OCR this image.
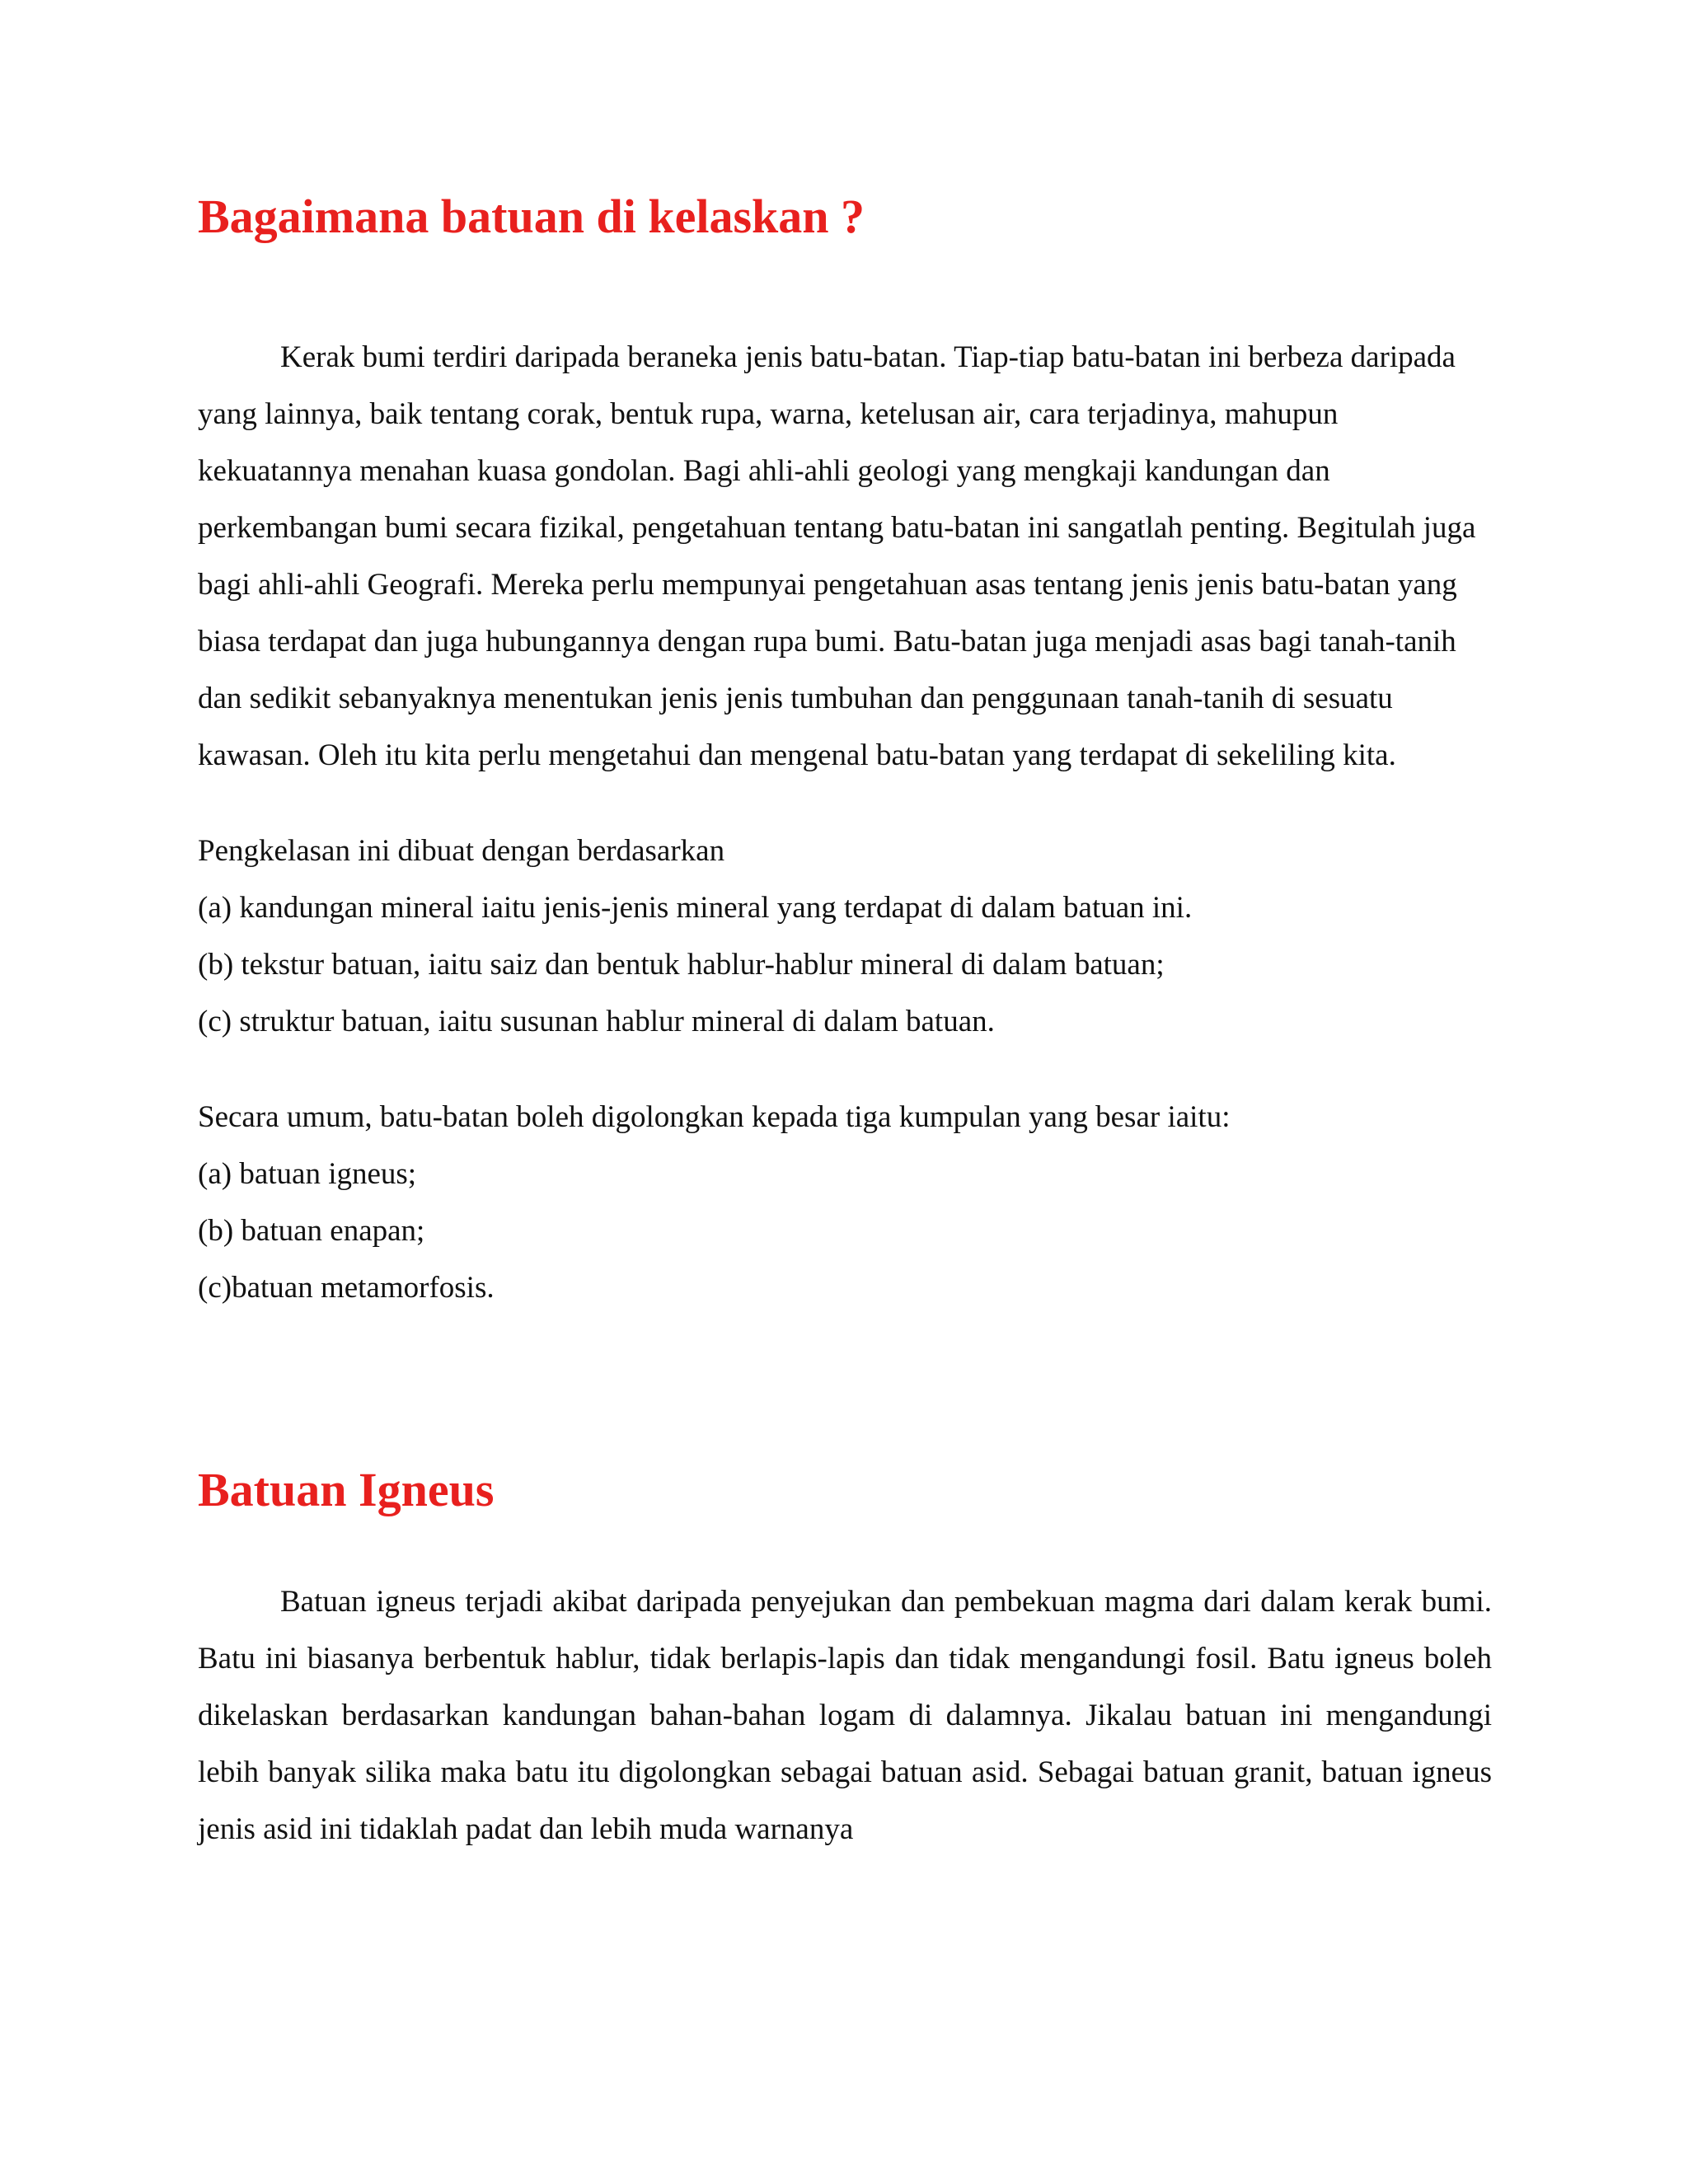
Bagaimana batuan di kelaskan ?

Kerak bumi terdiri daripada beraneka jenis batu-batan. Tiap-tiap batu-batan ini berbeza daripada yang lainnya, baik tentang corak, bentuk rupa, warna, ketelusan air, cara terjadinya, mahupun kekuatannya menahan kuasa gondolan. Bagi ahli-ahli geologi yang mengkaji kandungan dan perkembangan bumi secara fizikal, pengetahuan tentang batu-batan ini sangatlah penting. Begitulah juga bagi ahli-ahli Geografi. Mereka perlu mempunyai pengetahuan asas tentang jenis jenis batu-batan yang biasa terdapat dan juga hubungannya dengan rupa bumi. Batu-batan juga menjadi asas bagi tanah-tanih dan sedikit sebanyaknya menentukan jenis jenis tumbuhan dan penggunaan tanah-tanih di sesuatu kawasan. Oleh itu kita perlu mengetahui dan mengenal batu-batan yang terdapat di sekeliling kita.

Pengkelasan ini dibuat dengan berdasarkan

(a) kandungan mineral iaitu jenis-jenis mineral yang terdapat di dalam batuan ini.

(b) tekstur batuan, iaitu saiz dan bentuk hablur-hablur mineral di dalam batuan;

(c) struktur batuan, iaitu susunan hablur mineral di dalam batuan.

Secara umum, batu-batan boleh digolongkan kepada tiga kumpulan yang besar iaitu:

(a) batuan igneus;

(b) batuan enapan;

(c)batuan metamorfosis.

Batuan Igneus

Batuan igneus terjadi akibat daripada penyejukan dan pembekuan magma dari dalam kerak bumi. Batu ini biasanya berbentuk hablur, tidak berlapis-lapis dan tidak mengandungi fosil. Batu igneus boleh dikelaskan berdasarkan kandungan bahan-bahan logam di dalamnya. Jikalau batuan ini mengandungi lebih banyak silika maka batu itu digolongkan sebagai batuan asid. Sebagai batuan granit, batuan igneus jenis asid ini tidaklah padat dan lebih muda warnanya
